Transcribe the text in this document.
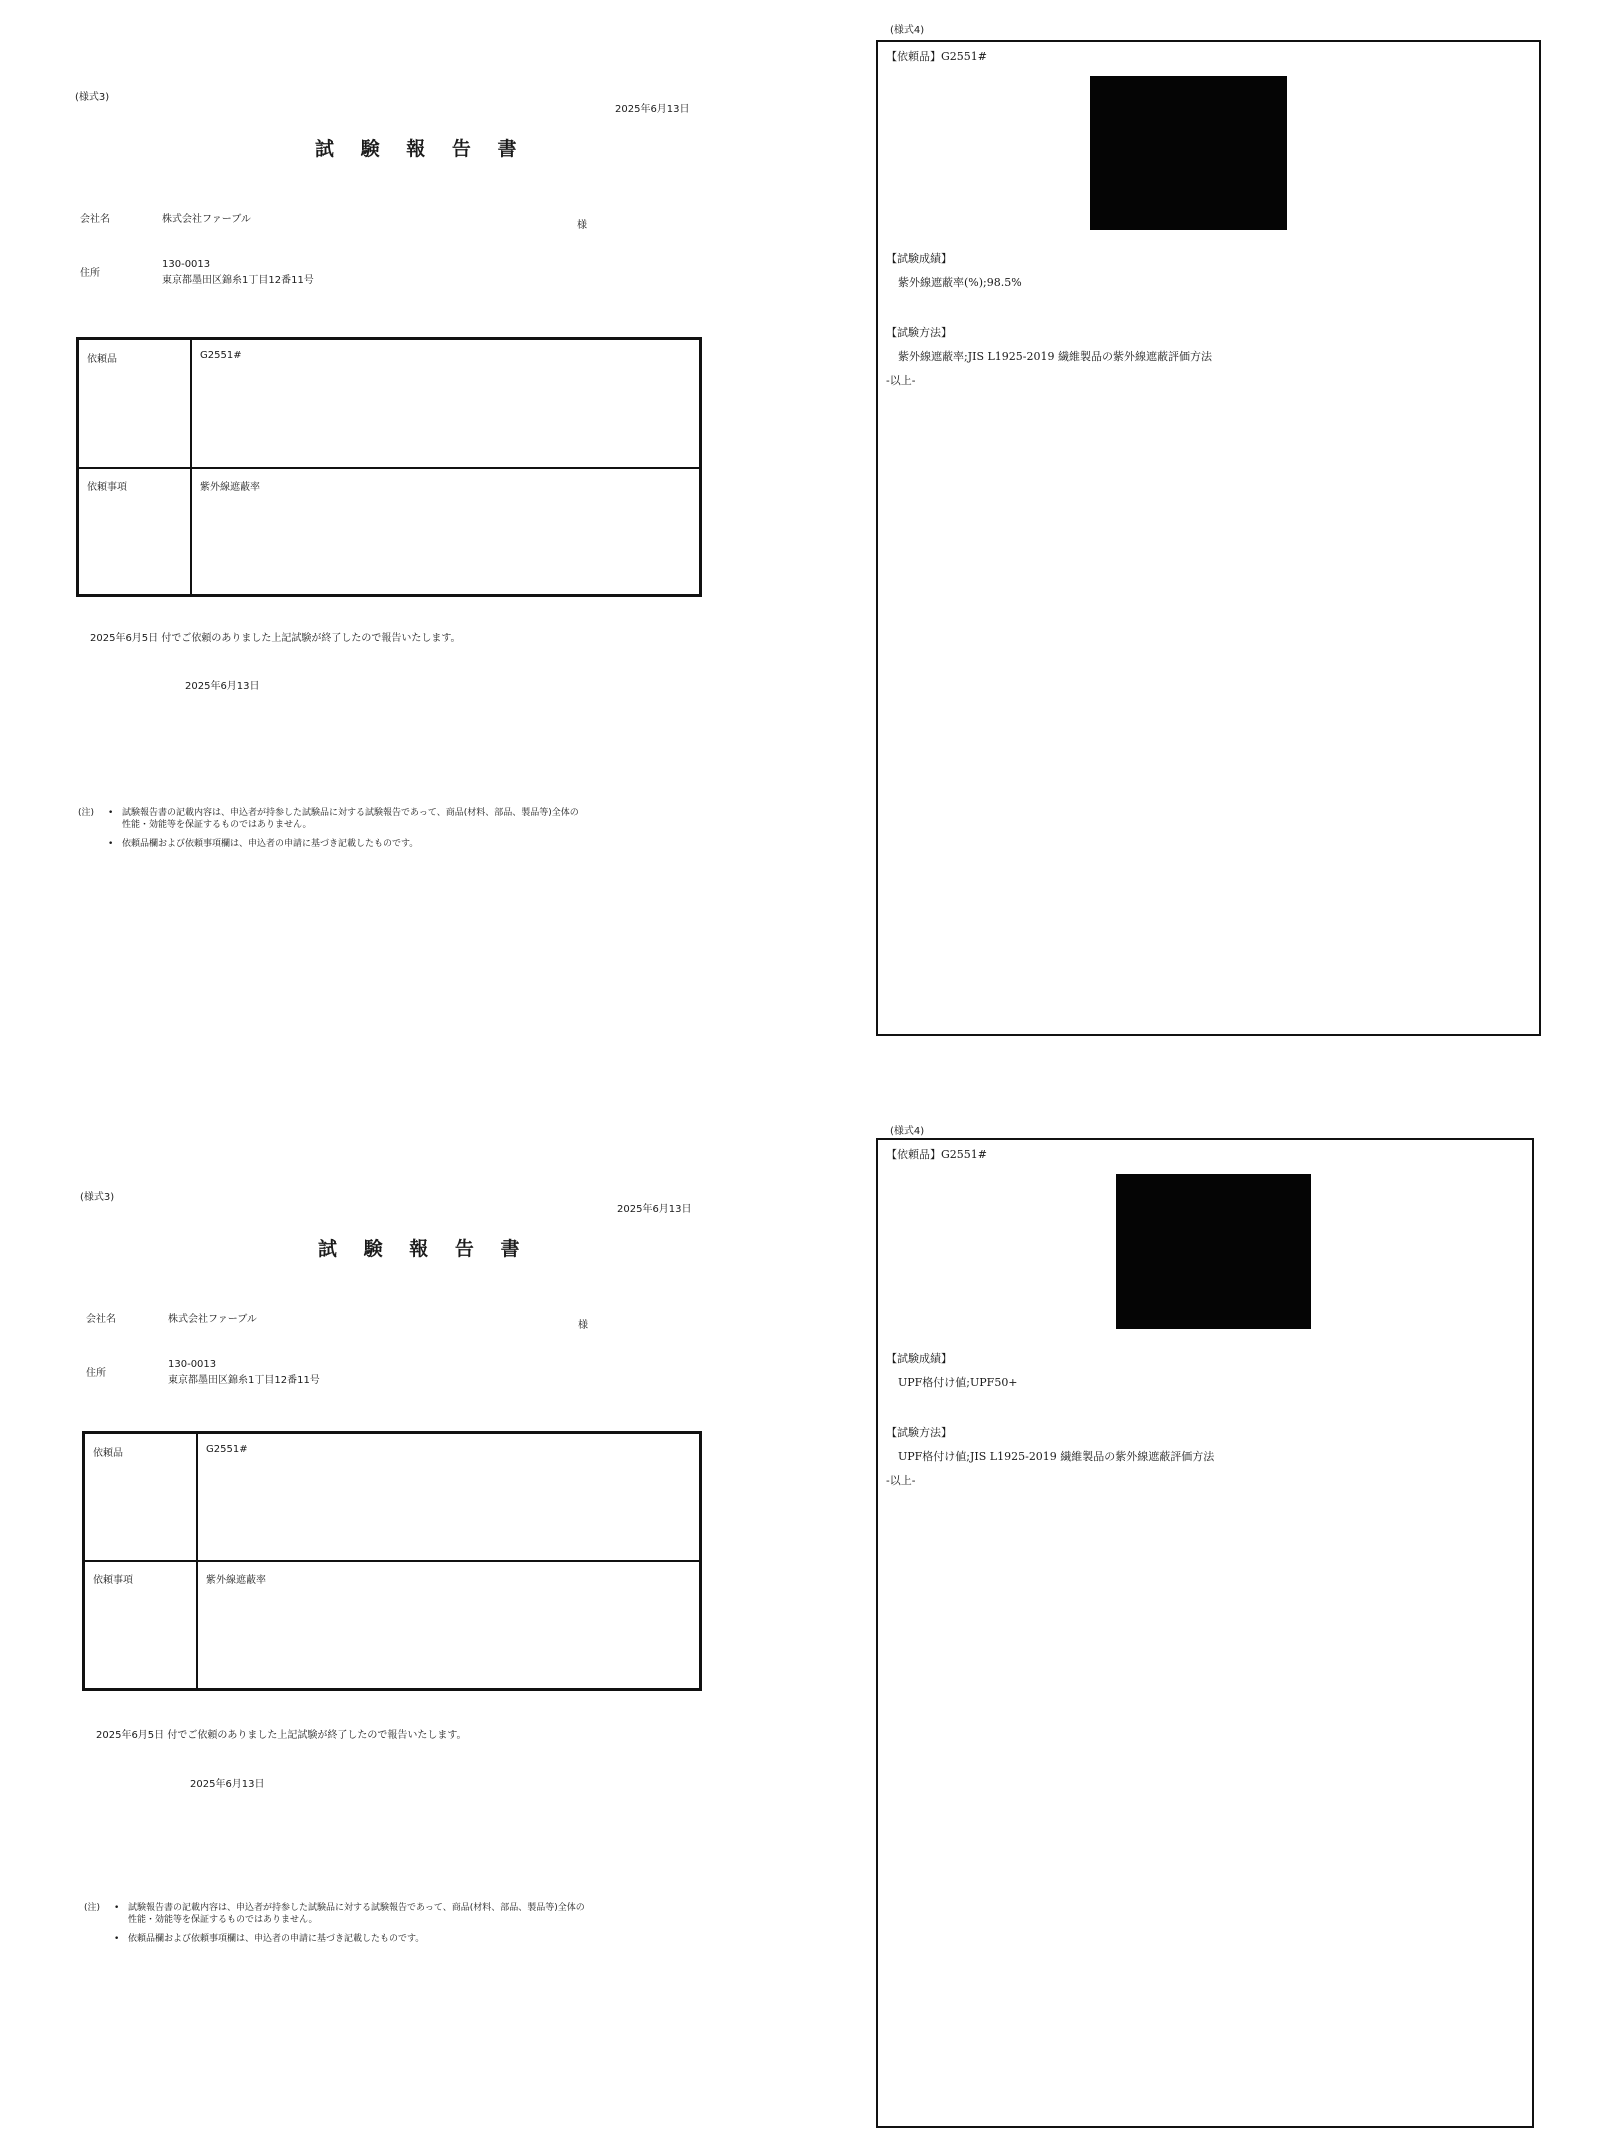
(様式3)
2025年6月13日
試 験 報 告 書
会社名	株式会社ファーブル
様
住所
130-0013
東京都墨田区錦糸1丁目12番11号
依頼品	G2551#
依頼事項	紫外線遮蔽率
2025年6月5日 付でご依頼のありました上記試験が終了したので報告いたします。
2025年6月13日
(注) • 試験報告書の記載内容は、申込者が持参した試験品に対する試験報告であって、商品(材料、部品、製品等)全体の
性能・効能等を保証するものではありません。
• 依頼品欄および依頼事項欄は、申込者の申請に基づき記載したものです。
(様式4)
【依頼品】G2551#
【試験成績】
紫外線遮蔽率(%);98.5%
【試験方法】
紫外線遮蔽率;JIS L1925-2019 繊維製品の紫外線遮蔽評価方法
-以上-
(様式3)
2025年6月13日
試 験 報 告 書
会社名	株式会社ファーブル
様
住所
130-0013
東京都墨田区錦糸1丁目12番11号
依頼品	G2551#
依頼事項	紫外線遮蔽率
2025年6月5日 付でご依頼のありました上記試験が終了したので報告いたします。
2025年6月13日
(注) • 試験報告書の記載内容は、申込者が持参した試験品に対する試験報告であって、商品(材料、部品、製品等)全体の
性能・効能等を保証するものではありません。
• 依頼品欄および依頼事項欄は、申込者の申請に基づき記載したものです。
(様式4)
【依頼品】G2551#
【試験成績】
UPF格付け値;UPF50+
【試験方法】
UPF格付け値;JIS L1925-2019 繊維製品の紫外線遮蔽評価方法
-以上-
